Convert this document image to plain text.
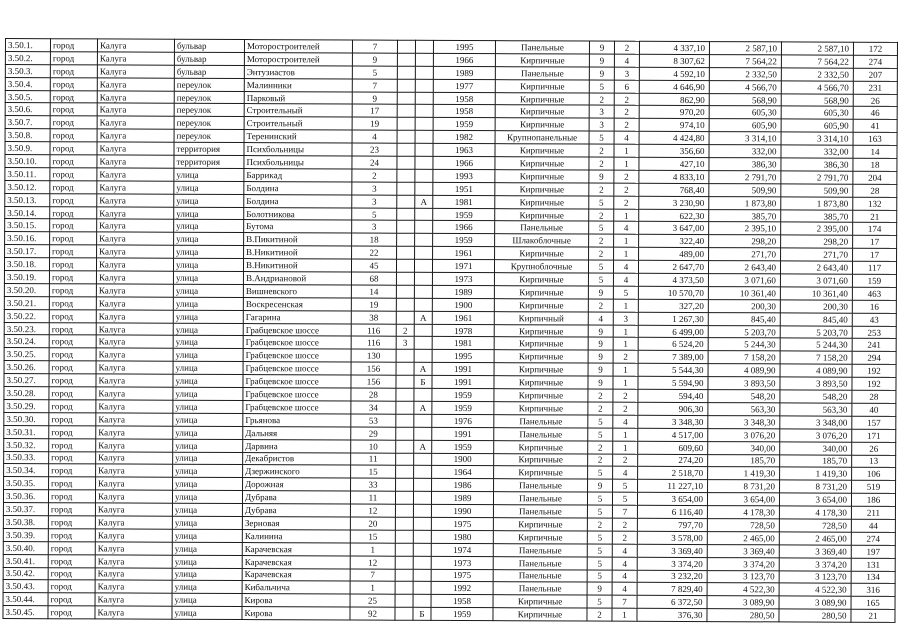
3.50.1.	город	Калуга	бульвар	Моторостроителей	7			1995	Панельные	9	2	4 337,10	2 587,10	2 587,10	172
3.50.2.	город	Калуга	бульвар	Моторостроителей	9			1966	Кирпичные	9	4	8 307,62	7 564,22	7 564,22	274
3.50.3.	город	Калуга	бульвар	Энтузиастов	5			1989	Панельные	9	3	4 592,10	2 332,50	2 332,50	207
3.50.4.	город	Калуга	переулок	Малинники	7			1977	Кирпичные	5	6	4 646,90	4 566,70	4 566,70	231
3.50.5.	город	Калуга	переулок	Парковый	9			1958	Кирпичные	2	2	862,90	568,90	568,90	26
3.50.6.	город	Калуга	переулок	Строительный	17			1958	Кирпичные	3	2	970,20	605,30	605,30	46
3.50.7.	город	Калуга	переулок	Строительный	19			1959	Кирпичные	3	2	974,10	605,90	605,90	41
3.50.8.	город	Калуга	переулок	Теренинский	4			1982	Крупнопанельные	5	4	4 424,80	3 314,10	3 314,10	163
3.50.9.	город	Калуга	территория	Психбольницы	23			1963	Кирпичные	2	1	356,60	332,00	332,00	14
3.50.10.	город	Калуга	территория	Психбольницы	24			1966	Кирпичные	2	1	427,10	386,30	386,30	18
3.50.11.	город	Калуга	улица	Баррикад	2			1993	Кирпичные	9	2	4 833,10	2 791,70	2 791,70	204
3.50.12.	город	Калуга	улица	Болдина	3			1951	Кирпичные	2	2	768,40	509,90	509,90	28
3.50.13.	город	Калуга	улица	Болдина	3		А	1981	Кирпичные	5	2	3 230,90	1 873,80	1 873,80	132
3.50.14.	город	Калуга	улица	Болотникова	5			1959	Кирпичные	2	1	622,30	385,70	385,70	21
3.50.15.	город	Калуга	улица	Бутома	3			1966	Панельные	5	4	3 647,00	2 395,10	2 395,00	174
3.50.16.	город	Калуга	улица	В.Пикитиной	18			1959	Шлакоблочные	2	1	322,40	298,20	298,20	17
3.50.17.	город	Калуга	улица	В.Никитиной	22			1961	Кирпичные	2	1	489,00	271,70	271,70	17
3.50.18.	город	Калуга	улица	В.Никитиной	45			1971	Крупноблочные	5	4	2 647,70	2 643,40	2 643,40	117
3.50.19.	город	Калуга	улица	В.Андриановой	68			1973	Кирпичные	5	4	4 373,50	3 071,60	3 071,60	159
3.50.20.	город	Калуга	улица	Вишневского	14			1989	Кирпичные	9	5	10 570,70	10 361,40	10 361,40	463
3.50.21.	город	Калуга	улица	Воскресенская	19			1900	Кирпичные	2	1	327,20	200,30	200,30	16
3.50.22.	город	Калуга	улица	Гагарина	38		А	1961	Кирпичный	4	3	1 267,30	845,40	845,40	43
3.50.23.	город	Калуга	улица	Грабцевское шоссе	116	2		1978	Кирпичные	9	1	6 499,00	5 203,70	5 203,70	253
3.50.24.	город	Калуга	улица	Грабцевское шоссе	116	3		1981	Кирпичные	9	1	6 524,20	5 244,30	5 244,30	241
3.50.25.	город	Калуга	улица	Грабцевское шоссе	130			1995	Кирпичные	9	2	7 389,00	7 158,20	7 158,20	294
3.50.26.	город	Калуга	улица	Грабцевское шоссе	156		А	1991	Кирпичные	9	1	5 544,30	4 089,90	4 089,90	192
3.50.27.	город	Калуга	улица	Грабцевское шоссе	156		Б	1991	Кирпичные	9	1	5 594,90	3 893,50	3 893,50	192
3.50.28.	город	Калуга	улица	Грабцевское шоссе	28			1959	Кирпичные	2	2	594,40	548,20	548,20	28
3.50.29.	город	Калуга	улица	Грабцевское шоссе	34		А	1959	Кирпичные	2	2	906,30	563,30	563,30	40
3.50.30.	город	Калуга	улица	Грьянова	53			1976	Панельные	5	4	3 348,30	3 348,30	3 348,00	157
3.50.31.	город	Калуга	улица	Дальняя	29			1991	Панельные	5	1	4 517,00	3 076,20	3 076,20	171
3.50.32.	город	Калуга	улица	Дарвина	10		А	1959	Кирпичные	2	1	609,60	340,00	340,00	26
3.50.33.	город	Калуга	улица	Декабристов	11			1900	Кирпичные	2	2	274,20	185,70	185,70	13
3.50.34.	город	Калуга	улица	Дзержинского	15			1964	Кирпичные	5	4	2 518,70	1 419,30	1 419,30	106
3.50.35.	город	Калуга	улица	Дорожная	33			1986	Панельные	9	5	11 227,10	8 731,20	8 731,20	519
3.50.36.	город	Калуга	улица	Дубрава	11			1989	Панельные	5	5	3 654,00	3 654,00	3 654,00	186
3.50.37.	город	Калуга	улица	Дубрава	12			1990	Панельные	5	7	6 116,40	4 178,30	4 178,30	211
3.50.38.	город	Калуга	улица	Зерновая	20			1975	Кирпичные	2	2	797,70	728,50	728,50	44
3.50.39.	город	Калуга	улица	Калинина	15			1980	Кирпичные	5	2	3 578,00	2 465,00	2 465,00	274
3.50.40.	город	Калуга	улица	Карачевская	1			1974	Панельные	5	4	3 369,40	3 369,40	3 369,40	197
3.50.41.	город	Калуга	улица	Карачевская	12			1973	Панельные	5	4	3 374,20	3 374,20	3 374,20	131
3.50.42.	город	Калуга	улица	Карачевская	7			1975	Панельные	5	4	3 232,20	3 123,70	3 123,70	134
3.50.43.	город	Калуга	улица	Кибальчича	1			1992	Панельные	9	4	7 829,40	4 522,30	4 522,30	316
3.50.44.	город	Калуга	улица	Кирова	25			1958	Кирпичные	5	7	6 372,50	3 089,90	3 089,90	165
3.50.45.	город	Калуга	улица	Кирова	92		Б	1959	Кирпичные	2	1	376,30	280,50	280,50	21
